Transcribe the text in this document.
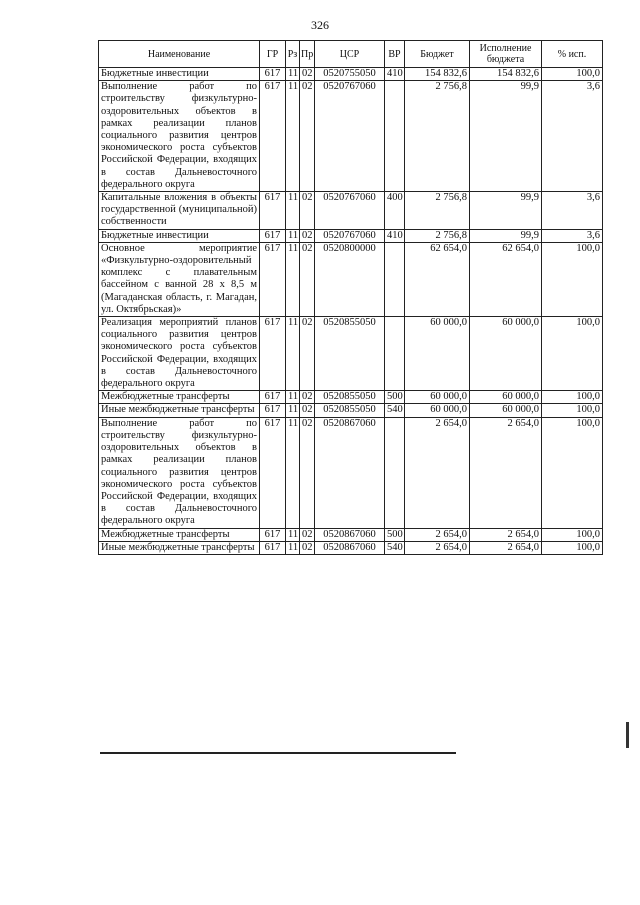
326
Наименование	ГР	Рз	Пр	ЦСР	ВР	Бюджет	Исполнение бюджета	% исп.
Бюджетные инвестиции	617	11	02	0520755050	410	154 832,6	154 832,6	100,0
Выполнение работ по строительству физкультурно-оздоровительных объектов в рамках реализации планов социального развития центров экономического роста субъектов Российской Федерации, входящих в состав Дальневосточного федерального округа	617	11	02	0520767060		2 756,8	99,9	3,6
Капитальные вложения в объекты государственной (муниципальной) собственности	617	11	02	0520767060	400	2 756,8	99,9	3,6
Бюджетные инвестиции	617	11	02	0520767060	410	2 756,8	99,9	3,6
Основное мероприятие «Физкультурно-оздоровительный комплекс с плавательным бассейном с ванной 28 х 8,5 м (Магаданская область, г. Магадан, ул. Октябрьская)»	617	11	02	0520800000		62 654,0	62 654,0	100,0
Реализация мероприятий планов социального развития центров экономического роста субъектов Российской Федерации, входящих в состав Дальневосточного федерального округа	617	11	02	0520855050		60 000,0	60 000,0	100,0
Межбюджетные трансферты	617	11	02	0520855050	500	60 000,0	60 000,0	100,0
Иные межбюджетные трансферты	617	11	02	0520855050	540	60 000,0	60 000,0	100,0
Выполнение работ по строительству физкультурно-оздоровительных объектов в рамках реализации планов социального развития центров экономического роста субъектов Российской Федерации, входящих в состав Дальневосточного федерального округа	617	11	02	0520867060		2 654,0	2 654,0	100,0
Межбюджетные трансферты	617	11	02	0520867060	500	2 654,0	2 654,0	100,0
Иные межбюджетные трансферты	617	11	02	0520867060	540	2 654,0	2 654,0	100,0
